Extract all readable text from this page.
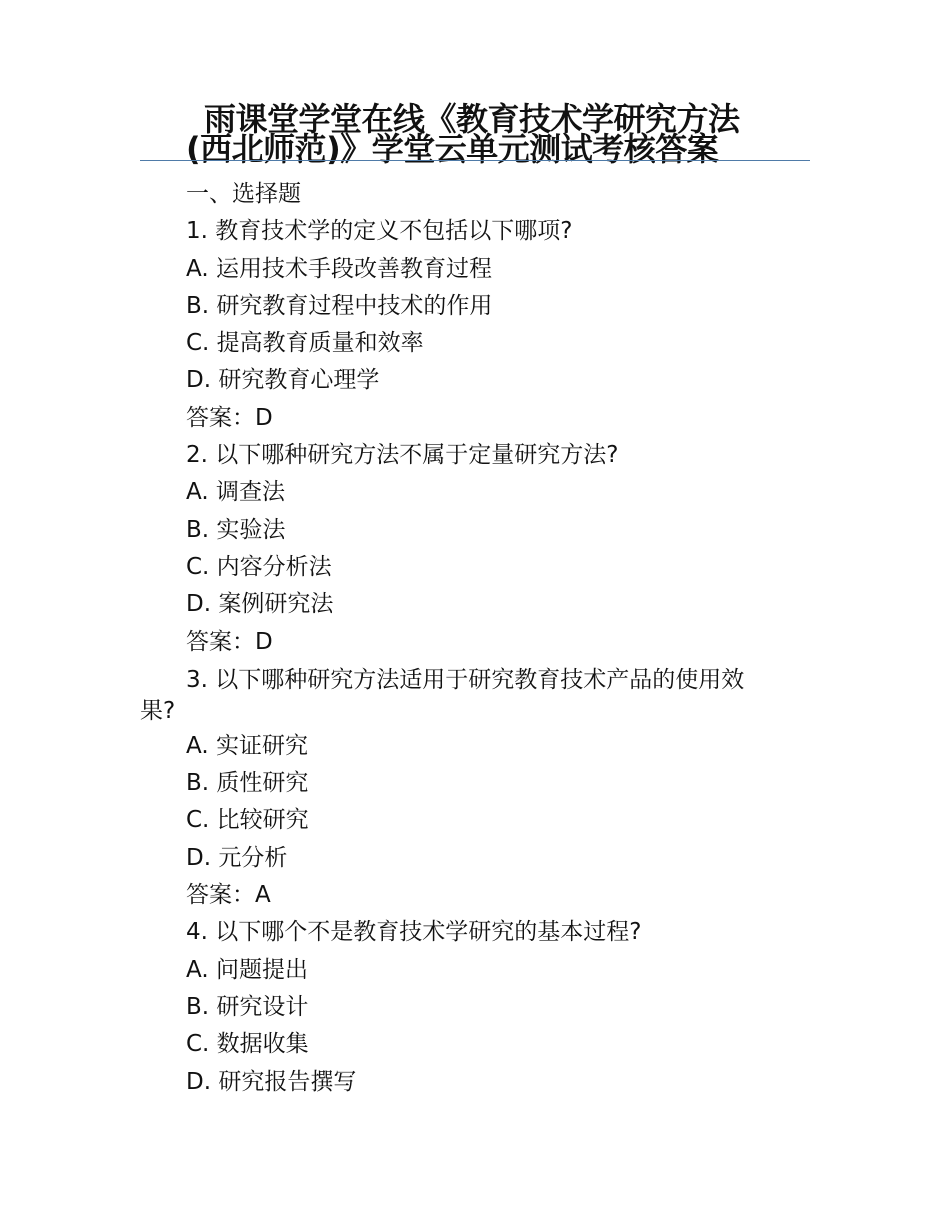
雨课堂学堂在线《教育技术学研究方法
(西北师范)》学堂云单元测试考核答案

一、选择题

1. 教育技术学的定义不包括以下哪项?

A. 运用技术手段改善教育过程

B. 研究教育过程中技术的作用

C. 提高教育质量和效率

D. 研究教育心理学

答案：D

2. 以下哪种研究方法不属于定量研究方法?

A. 调查法

B. 实验法

C. 内容分析法

D. 案例研究法

答案：D

3. 以下哪种研究方法适用于研究教育技术产品的使用效
果?

A. 实证研究

B. 质性研究

C. 比较研究

D. 元分析

答案：A

4. 以下哪个不是教育技术学研究的基本过程?

A. 问题提出

B. 研究设计

C. 数据收集

D. 研究报告撰写
